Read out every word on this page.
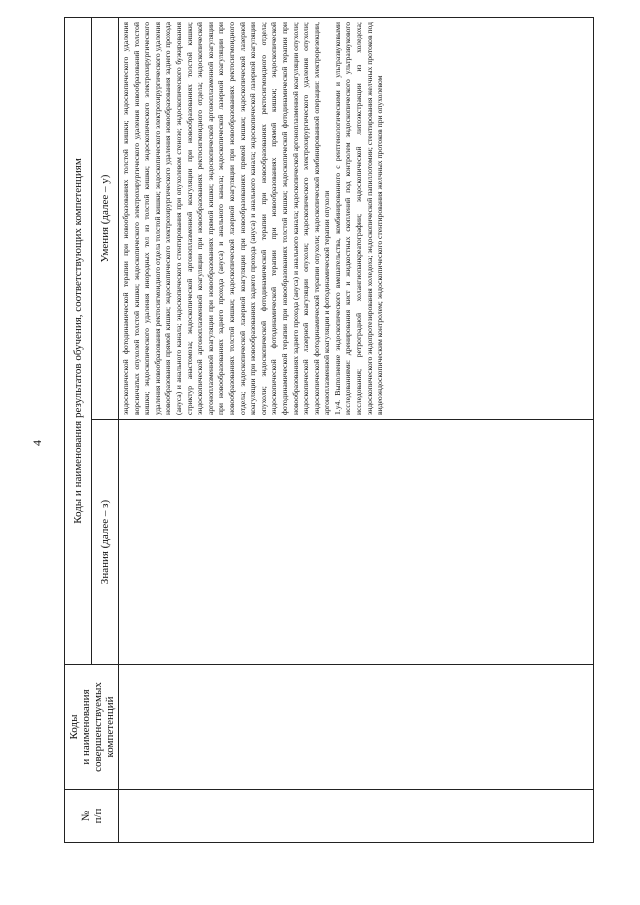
4
№
п/п	Коды
и наименования
совершенствуемых
компетенций	Коды и наименования результатов обучения, соответствующих компетенциям	
		Знания (далее – з)	Умения (далее – у)

			эндоскопической фотодинамической терапии при новообразованиях толстой кишки; эндоскопического удаления ворсинчатых опухолей толстой кишки; эндоскопического электрохирургического удаления новообразований толстой кишки; эндоскопического удаления инородных тел из толстой кишки; эндоскопического электрохирургического удаления новообразования ректосигмоидного отдела толстой кишки; эндоскопического электрохирургического удаления новообразования прямой кишки; эндоскопического электрохирургического удаления новообразования заднего прохода (ануса) и анального канала; эндоскопического стентирования при опухолевом стенозе; эндоскопического бужирования стриктур анастомоза; эндоскопической аргоноплазменной коагуляции при новообразованиях толстой кишки; эндоскопической аргоноплазменной коагуляции при новообразованиях ректосигмоидного отдела; эндоскопической аргоноплазменной коагуляции при новообразованиях прямой кишки; эндоскопической аргоноплазменной коагуляции при новообразованиях заднего прохода (ануса) и анального канала; эндоскопической лазерной коагуляции при новообразованиях толстой кишки; эндоскопической лазерной коагуляции при новообразованиях ректосигмоидного отдела; эндоскопической лазерной коагуляции при новообразованиях прямой кишки; эндоскопической лазерной коагуляции при новообразованиях заднего прохода (ануса) и анального канала; эндоскопической лазерной коагуляции опухоли; эндоскопической фотодинамической терапии при новообразованиях ректосигмоидного отдела; эндоскопической фотодинамической терапии при новообразованиях прямой кишки; эндоскопической фотодинамической терапии при новообразованиях толстой кишки; эндоскопической фотодинамической терапии при новообразованиях заднего прохода (ануса) и анального канала; эндоскопической аргоноплазменной коагуляции опухоли; эндоскопической лазерной коагуляции опухоли; эндоскопического электрохирургического удаления опухоли; эндоскопической фотодинамической терапии опухоли; эндоскопической комбинированной операции: электрорезекции, аргоноплазменной коагуляции и фотодинамической терапии опухоли 1.у4. Выполнение эндоскопического вмешательства, комбинированного с рентгенологическими и ультразвуковыми исследованиями: дренирования кист и жидкостных скоплений под контролем эндоскопического ультразвукового исследования; ретроградной холангиопанкреатографии; эндоскопической литоэкстракции из холедоха; эндоскопического эндопротезирования холедоха; эндоскопической папиллотомии; стентирования желчных протоков под видеоэндоскопическим контролем; эндоскопического стентирования желчных протоков при опухолевом
